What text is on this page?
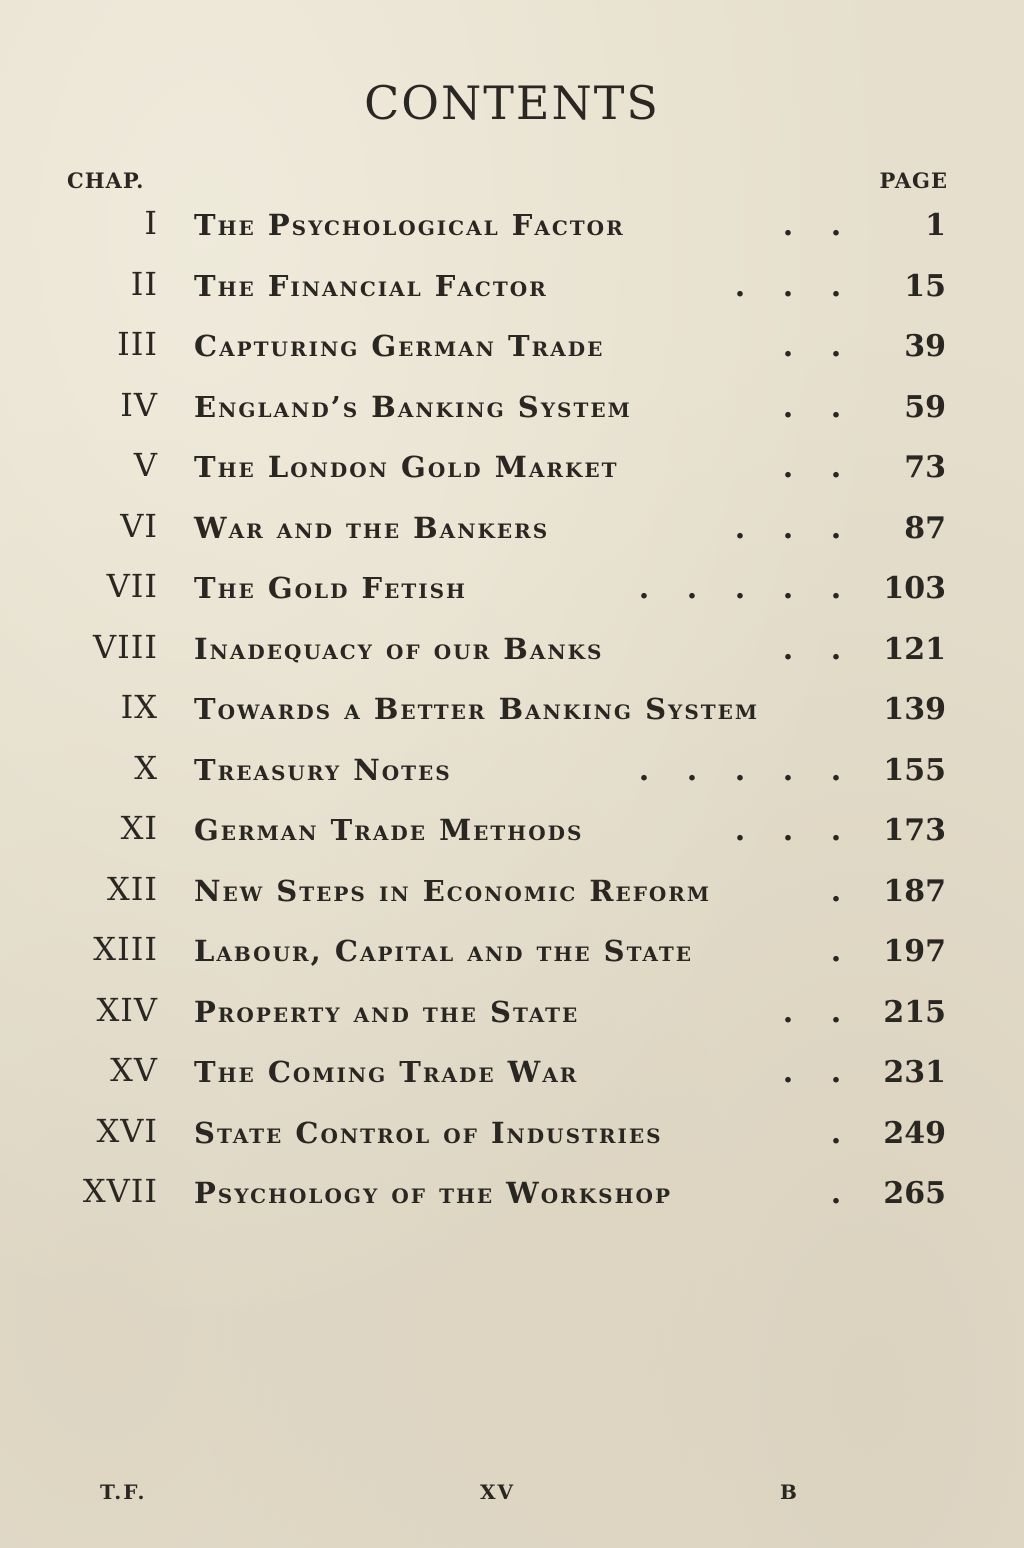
CONTENTS
CHAP.	PAGE
I The Psychological Factor	. .	1
II The Financial Factor	. . .	15
III Capturing German Trade	. .	39
IV England’s Banking System	. .	59
V The London Gold Market	. .	73
VI War and the Bankers	. . .	87
VII The Gold Fetish	. . . . .	103
VIII Inadequacy of our Banks	. .	121
IX Towards a Better Banking System	139
X Treasury Notes	. . . . .	155
XI German Trade Methods	. . .	173
XII New Steps in Economic Reform	.	187
XIII Labour, Capital and the State	.	197
XIV Property and the State	. .	215
XV The Coming Trade War	. .	231
XVI State Control of Industries	.	249
XVII Psychology of the Workshop	.	265
T.F.	XV	B
